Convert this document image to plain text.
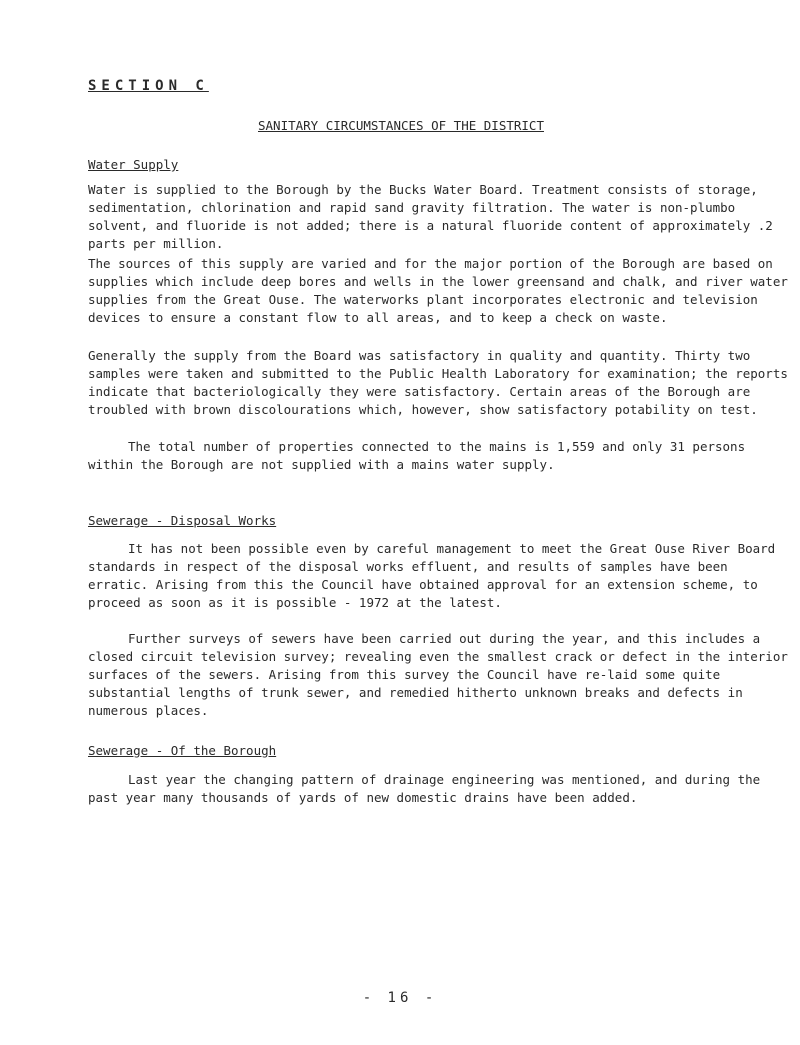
SECTION C
SANITARY CIRCUMSTANCES OF THE DISTRICT
Water Supply

Water is supplied to the Borough by the Bucks Water Board. Treatment consists of storage, sedimentation, chlorination and rapid sand gravity filtration. The water is non-plumbo solvent, and fluoride is not added; there is a natural fluoride content of approximately .2 parts per million.

The sources of this supply are varied and for the major portion of the Borough are based on supplies which include deep bores and wells in the lower greensand and chalk, and river water supplies from the Great Ouse. The waterworks plant incorporates electronic and television devices to ensure a constant flow to all areas, and to keep a check on waste.

Generally the supply from the Board was satisfactory in quality and quantity. Thirty two samples were taken and submitted to the Public Health Laboratory for examination; the reports indicate that bacteriologically they were satisfactory. Certain areas of the Borough are troubled with brown discolourations which, however, show satisfactory potability on test.

The total number of properties connected to the mains is 1,559 and only 31 persons within the Borough are not supplied with a mains water supply.

Sewerage - Disposal Works

It has not been possible even by careful management to meet the Great Ouse River Board standards in respect of the disposal works effluent, and results of samples have been erratic. Arising from this the Council have obtained approval for an extension scheme, to proceed as soon as it is possible - 1972 at the latest.

Further surveys of sewers have been carried out during the year, and this includes a closed circuit television survey; revealing even the smallest crack or defect in the interior surfaces of the sewers. Arising from this survey the Council have re-laid some quite substantial lengths of trunk sewer, and remedied hitherto unknown breaks and defects in numerous places.

Sewerage - Of the Borough

Last year the changing pattern of drainage engineering was mentioned, and during the past year many thousands of yards of new domestic drains have been added.

- 16 -
